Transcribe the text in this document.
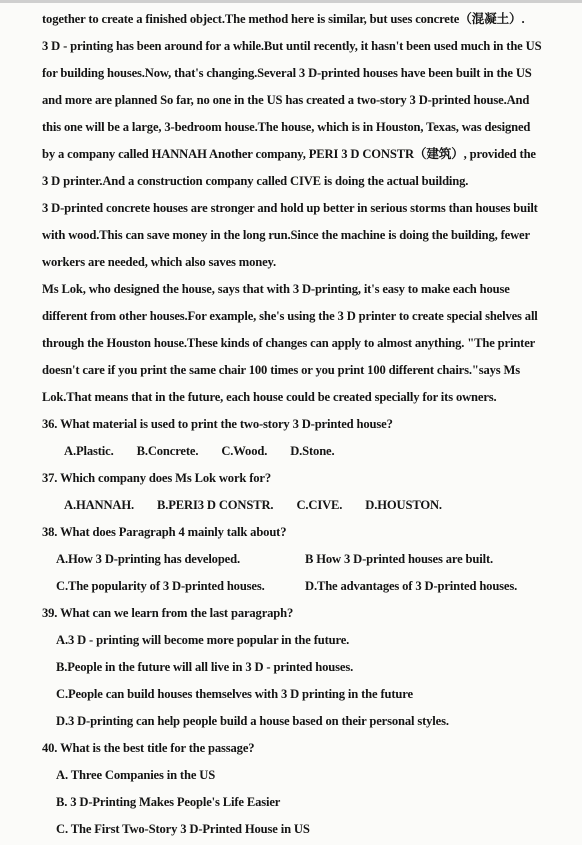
together to create a finished object.The method here is similar, but uses concrete（混凝土）.
3 D - printing has been around for a while.But until recently, it hasn't been used much in the US
for building houses.Now, that's changing.Several 3 D-printed houses have been built in the US
and more are planned So far, no one in the US has created a two-story 3 D-printed house.And
this one will be a large, 3-bedroom house.The house, which is in Houston, Texas, was designed
by a company called HANNAH Another company, PERI 3 D CONSTR（建筑）, provided the
3 D printer.And a construction company called CIVE is doing the actual building.
3 D-printed concrete houses are stronger and hold up better in serious storms than houses built
with wood.This can save money in the long run.Since the machine is doing the building, fewer
workers are needed, which also saves money.
Ms Lok, who designed the house, says that with 3 D-printing, it's easy to make each house
different from other houses.For example, she's using the 3 D printer to create special shelves all
through the Houston house.These kinds of changes can apply to almost anything. "The printer
doesn't care if you print the same chair 100 times or you print 100 different chairs."says Ms
Lok.That means that in the future, each house could be created specially for its owners.
36. What material is used to print the two-story 3 D-printed house?
A.Plastic. B.Concrete. C.Wood. D.Stone.
37. Which company does Ms Lok work for?
A.HANNAH. B.PERI3 D CONSTR. C.CIVE. D.HOUSTON.
38. What does Paragraph 4 mainly talk about?
A.How 3 D-printing has developed.	B How 3 D-printed houses are built.
C.The popularity of 3 D-printed houses.	D.The advantages of 3 D-printed houses.
39. What can we learn from the last paragraph?
A.3 D - printing will become more popular in the future.
B.People in the future will all live in 3 D - printed houses.
C.People can build houses themselves with 3 D printing in the future
D.3 D-printing can help people build a house based on their personal styles.
40. What is the best title for the passage?
A. Three Companies in the US
B. 3 D-Printing Makes People's Life Easier
C. The First Two-Story 3 D-Printed House in US
